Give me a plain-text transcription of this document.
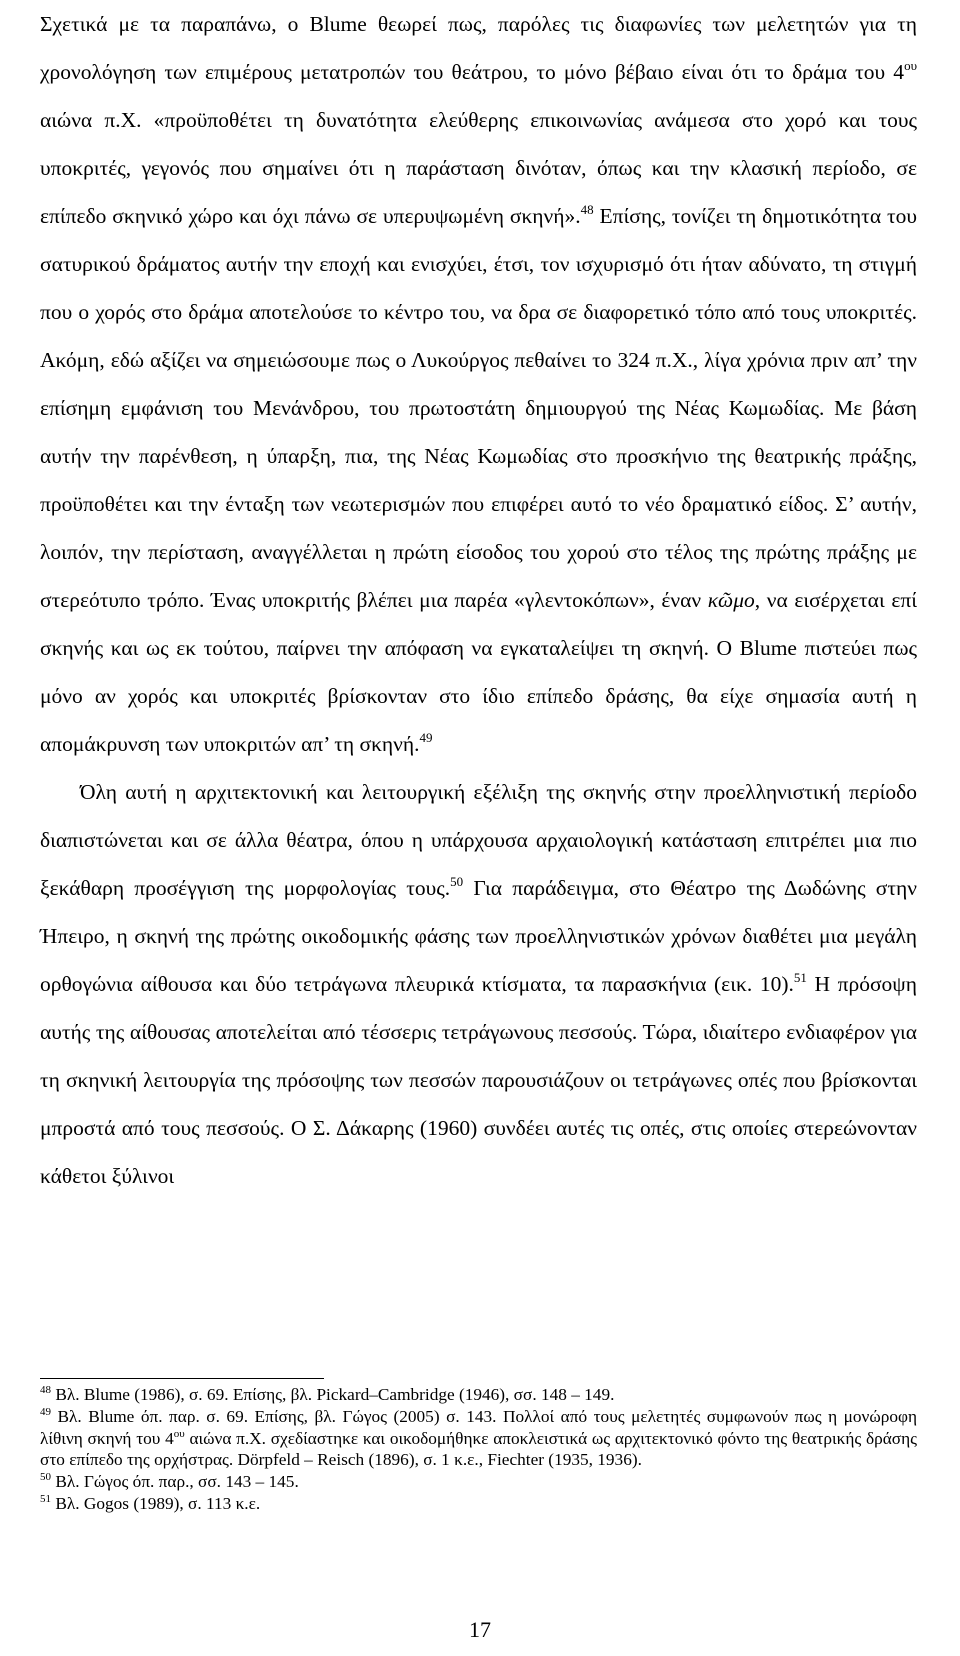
Σχετικά με τα παραπάνω, ο Blume θεωρεί πως, παρόλες τις διαφωνίες των μελετητών για τη χρονολόγηση των επιμέρους μετατροπών του θεάτρου, το μόνο βέβαιο είναι ότι το δράμα του $4^{o\upsilon}$ αιώνα π.Χ. «προϋποθέτει τη δυνατότητα ελεύθερης επικοινωνίας ανάμεσα στο χορό και τους υποκριτές, γεγονός που σημαίνει ότι η παράσταση δινόταν, όπως και την κλασική περίοδο, σε επίπεδο σκηνικό χώρο και όχι πάνω σε υπερυψωμένη σκηνή».$^{48}$ Επίσης, τονίζει τη δημοτικότητα του σατυρικού δράματος αυτήν την εποχή και ενισχύει, έτσι, τον ισχυρισμό ότι ήταν αδύνατο, τη στιγμή που ο χορός στο δράμα αποτελούσε το κέντρο του, να δρα σε διαφορετικό τόπο από τους υποκριτές. Ακόμη, εδώ αξίζει να σημειώσουμε πως ο Λυκούργος πεθαίνει το 324 π.Χ., λίγα χρόνια πριν απ’ την επίσημη εμφάνιση του Μενάνδρου, του πρωτοστάτη δημιουργού της Νέας Κωμωδίας. Με βάση αυτήν την παρένθεση, η ύπαρξη, πια, της Νέας Κωμωδίας στο προσκήνιο της θεατρικής πράξης, προϋποθέτει και την ένταξη των νεωτερισμών που επιφέρει αυτό το νέο δραματικό είδος. Σ’ αυτήν, λοιπόν, την περίσταση, αναγγέλλεται η πρώτη είσοδος του χορού στο τέλος της πρώτης πράξης με στερεότυπο τρόπο. Ένας υποκριτής βλέπει μια παρέα «γλεντοκόπων», έναν κῶμο, να εισέρχεται επί σκηνής και ως εκ τούτου, παίρνει την απόφαση να εγκαταλείψει τη σκηνή. Ο Blume πιστεύει πως μόνο αν χορός και υποκριτές βρίσκονταν στο ίδιο επίπεδο δράσης, θα είχε σημασία αυτή η απομάκρυνση των υποκριτών απ’ τη σκηνή.$^{49}$

Όλη αυτή η αρχιτεκτονική και λειτουργική εξέλιξη της σκηνής στην προελληνιστική περίοδο διαπιστώνεται και σε άλλα θέατρα, όπου η υπάρχουσα αρχαιολογική κατάσταση επιτρέπει μια πιο ξεκάθαρη προσέγγιση της μορφολογίας τους.$^{50}$ Για παράδειγμα, στο Θέατρο της Δωδώνης στην Ήπειρο, η σκηνή της πρώτης οικοδομικής φάσης των προελληνιστικών χρόνων διαθέτει μια μεγάλη ορθογώνια αίθουσα και δύο τετράγωνα πλευρικά κτίσματα, τα παρασκήνια (εικ. 10).$^{51}$ Η πρόσοψη αυτής της αίθουσας αποτελείται από τέσσερις τετράγωνους πεσσούς. Τώρα, ιδιαίτερο ενδιαφέρον για τη σκηνική λειτουργία της πρόσοψης των πεσσών παρουσιάζουν οι τετράγωνες οπές που βρίσκονται μπροστά από τους πεσσούς. Ο Σ. Δάκαρης (1960) συνδέει αυτές τις οπές, στις οποίες στερεώνονταν κάθετοι ξύλινοι

$^{48}$ Βλ. Blume (1986), σ. 69. Επίσης, βλ. Pickard–Cambridge (1946), σσ. 148 – 149.
$^{49}$ Βλ. Blume όπ. παρ. σ. 69. Επίσης, βλ. Γώγος (2005) σ. 143. Πολλοί από τους μελετητές συμφωνούν πως η μονώροφη λίθινη σκηνή του $4^{o\upsilon}$ αιώνα π.Χ. σχεδίαστηκε και οικοδομήθηκε αποκλειστικά ως αρχιτεκτονικό φόντο της θεατρικής δράσης στο επίπεδο της ορχήστρας. Dörpfeld – Reisch (1896), σ. 1 κ.ε., Fiechter (1935, 1936).
$^{50}$ Βλ. Γώγος όπ. παρ., σσ. 143 – 145.
$^{51}$ Βλ. Gogos (1989), σ. 113 κ.ε.
17
